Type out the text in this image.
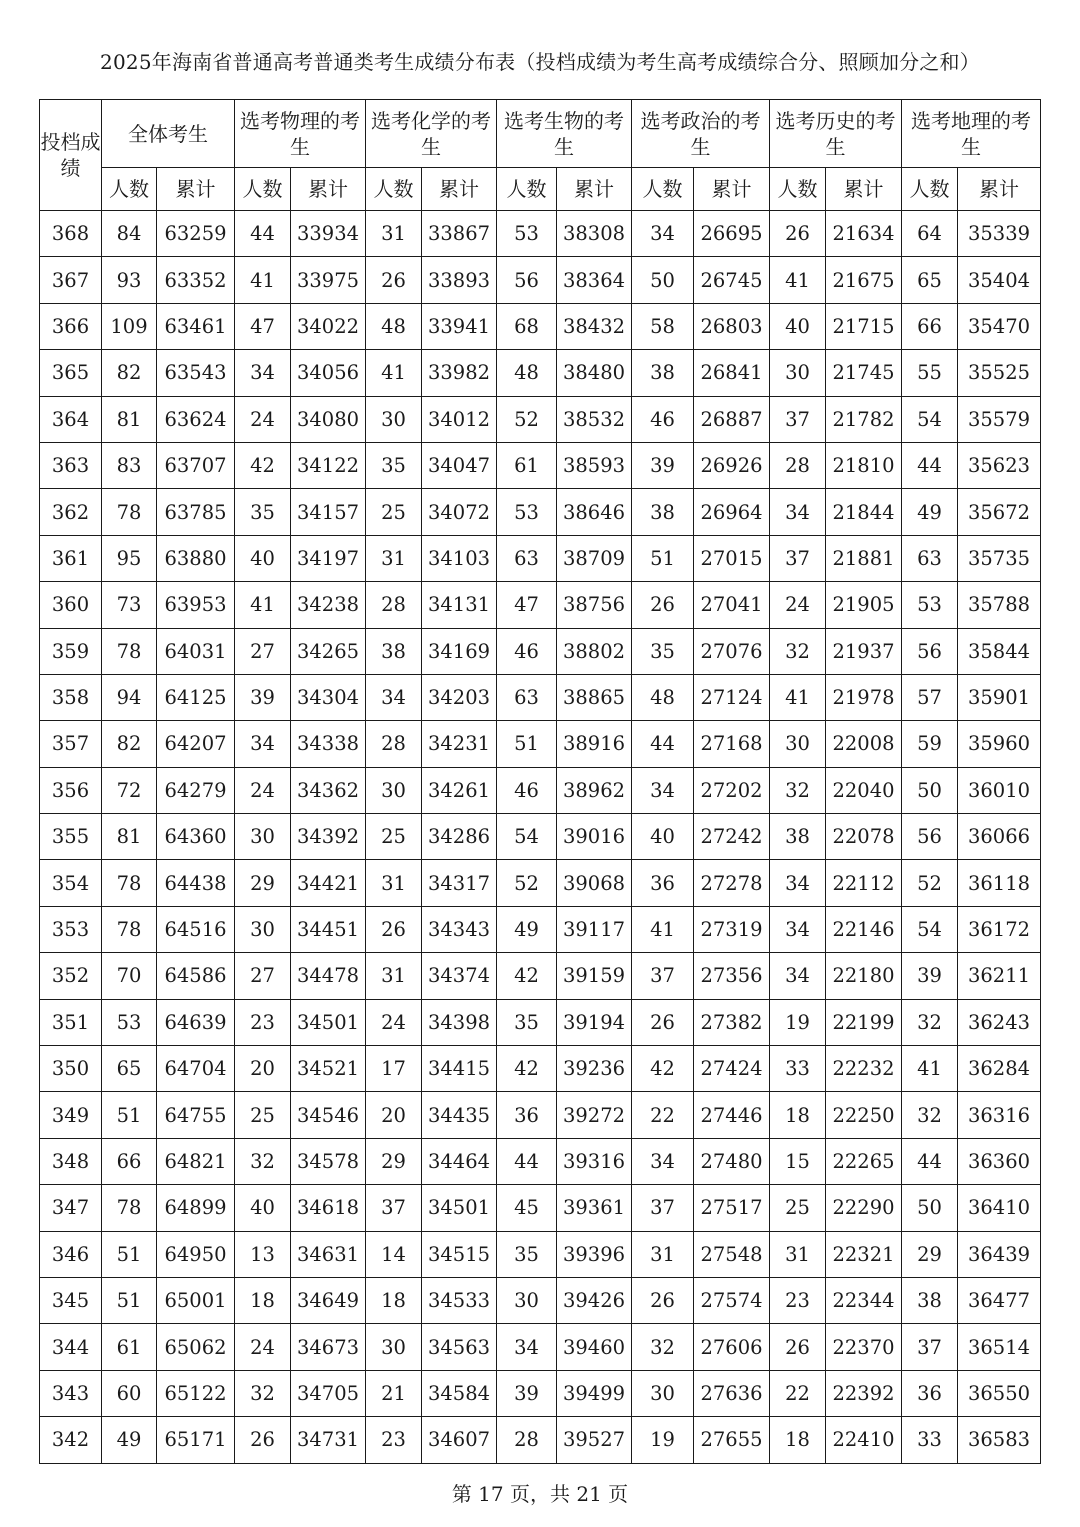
2025年海南省普通高考普通类考生成绩分布表（投档成绩为考生高考成绩综合分、照顾加分之和）
投档成绩	全体考生		选考物理的考生		选考化学的考生		选考生物的考生		选考政治的考生		选考历史的考生		选考地理的考生	
	人数	累计	人数	累计	人数	累计	人数	累计	人数	累计	人数	累计	人数	累计
368	84	63259	44	33934	31	33867	53	38308	34	26695	26	21634	64	35339
367	93	63352	41	33975	26	33893	56	38364	50	26745	41	21675	65	35404
366	109	63461	47	34022	48	33941	68	38432	58	26803	40	21715	66	35470
365	82	63543	34	34056	41	33982	48	38480	38	26841	30	21745	55	35525
364	81	63624	24	34080	30	34012	52	38532	46	26887	37	21782	54	35579
363	83	63707	42	34122	35	34047	61	38593	39	26926	28	21810	44	35623
362	78	63785	35	34157	25	34072	53	38646	38	26964	34	21844	49	35672
361	95	63880	40	34197	31	34103	63	38709	51	27015	37	21881	63	35735
360	73	63953	41	34238	28	34131	47	38756	26	27041	24	21905	53	35788
359	78	64031	27	34265	38	34169	46	38802	35	27076	32	21937	56	35844
358	94	64125	39	34304	34	34203	63	38865	48	27124	41	21978	57	35901
357	82	64207	34	34338	28	34231	51	38916	44	27168	30	22008	59	35960
356	72	64279	24	34362	30	34261	46	38962	34	27202	32	22040	50	36010
355	81	64360	30	34392	25	34286	54	39016	40	27242	38	22078	56	36066
354	78	64438	29	34421	31	34317	52	39068	36	27278	34	22112	52	36118
353	78	64516	30	34451	26	34343	49	39117	41	27319	34	22146	54	36172
352	70	64586	27	34478	31	34374	42	39159	37	27356	34	22180	39	36211
351	53	64639	23	34501	24	34398	35	39194	26	27382	19	22199	32	36243
350	65	64704	20	34521	17	34415	42	39236	42	27424	33	22232	41	36284
349	51	64755	25	34546	20	34435	36	39272	22	27446	18	22250	32	36316
348	66	64821	32	34578	29	34464	44	39316	34	27480	15	22265	44	36360
347	78	64899	40	34618	37	34501	45	39361	37	27517	25	22290	50	36410
346	51	64950	13	34631	14	34515	35	39396	31	27548	31	22321	29	36439
345	51	65001	18	34649	18	34533	30	39426	26	27574	23	22344	38	36477
344	61	65062	24	34673	30	34563	34	39460	32	27606	26	22370	37	36514
343	60	65122	32	34705	21	34584	39	39499	30	27636	22	22392	36	36550
342	49	65171	26	34731	23	34607	28	39527	19	27655	18	22410	33	36583
第 17 页，共 21 页
